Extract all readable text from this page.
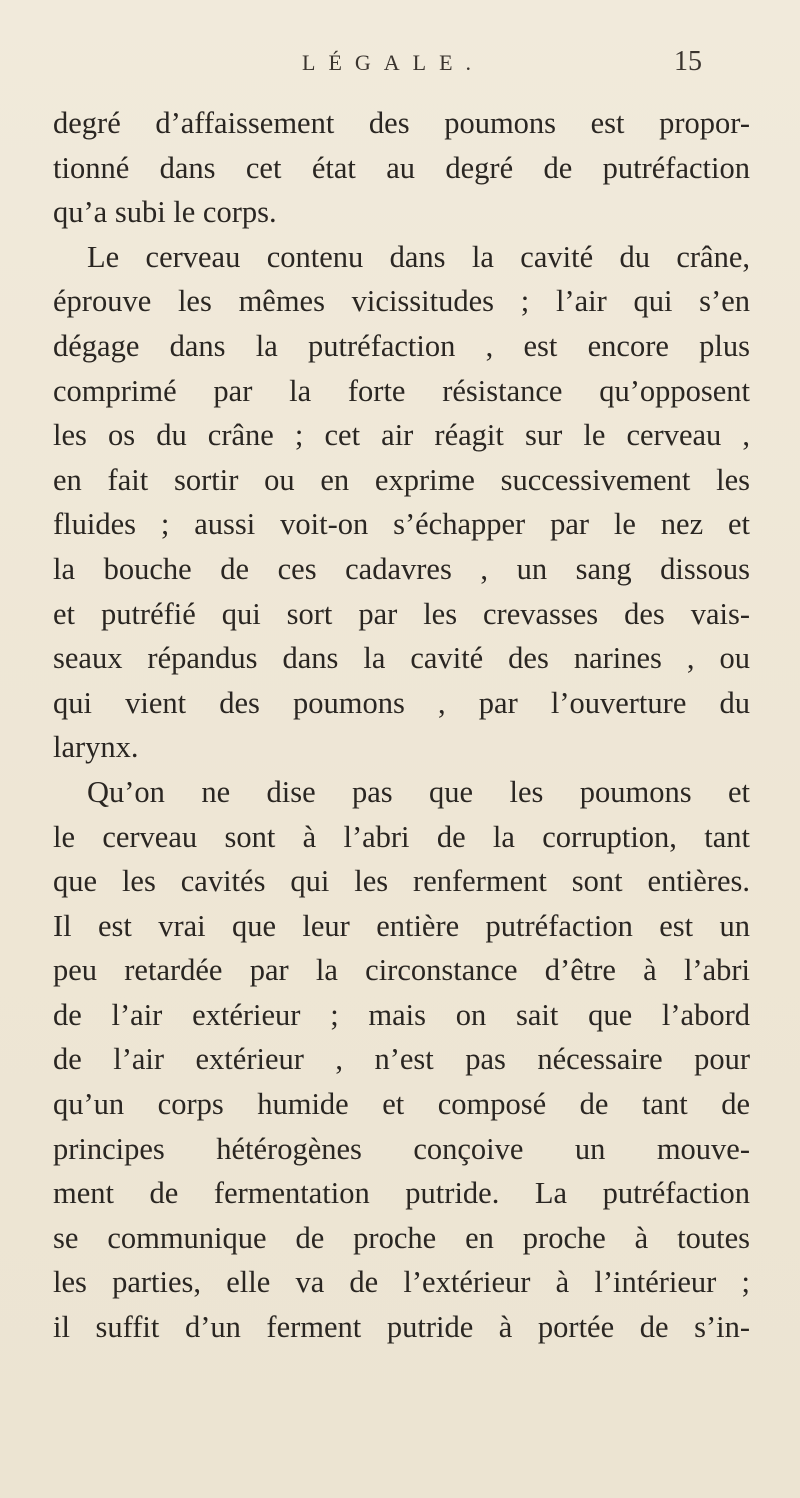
LÉGALE.	15
degré d’affaissement des poumons est propor-
tionné dans cet état au degré de putréfaction
qu’a subi le corps.
Le cerveau contenu dans la cavité du crâne,
éprouve les mêmes vicissitudes ; l’air qui s’en
dégage dans la putréfaction , est encore plus
comprimé par la forte résistance qu’opposent
les os du crâne ; cet air réagit sur le cerveau ,
en fait sortir ou en exprime successivement les
fluides ; aussi voit-on s’échapper par le nez et
la bouche de ces cadavres , un sang dissous
et putréfié qui sort par les crevasses des vais-
seaux répandus dans la cavité des narines , ou
qui vient des poumons , par l’ouverture du
larynx.
Qu’on ne dise pas que les poumons et
le cerveau sont à l’abri de la corruption, tant
que les cavités qui les renferment sont entières.
Il est vrai que leur entière putréfaction est un
peu retardée par la circonstance d’être à l’abri
de l’air extérieur ; mais on sait que l’abord
de l’air extérieur , n’est pas nécessaire pour
qu’un corps humide et composé de tant de
principes hétérogènes conçoive un mouve-
ment de fermentation putride. La putréfaction
se communique de proche en proche à toutes
les parties, elle va de l’extérieur à l’intérieur ;
il suffit d’un ferment putride à portée de s’in-
